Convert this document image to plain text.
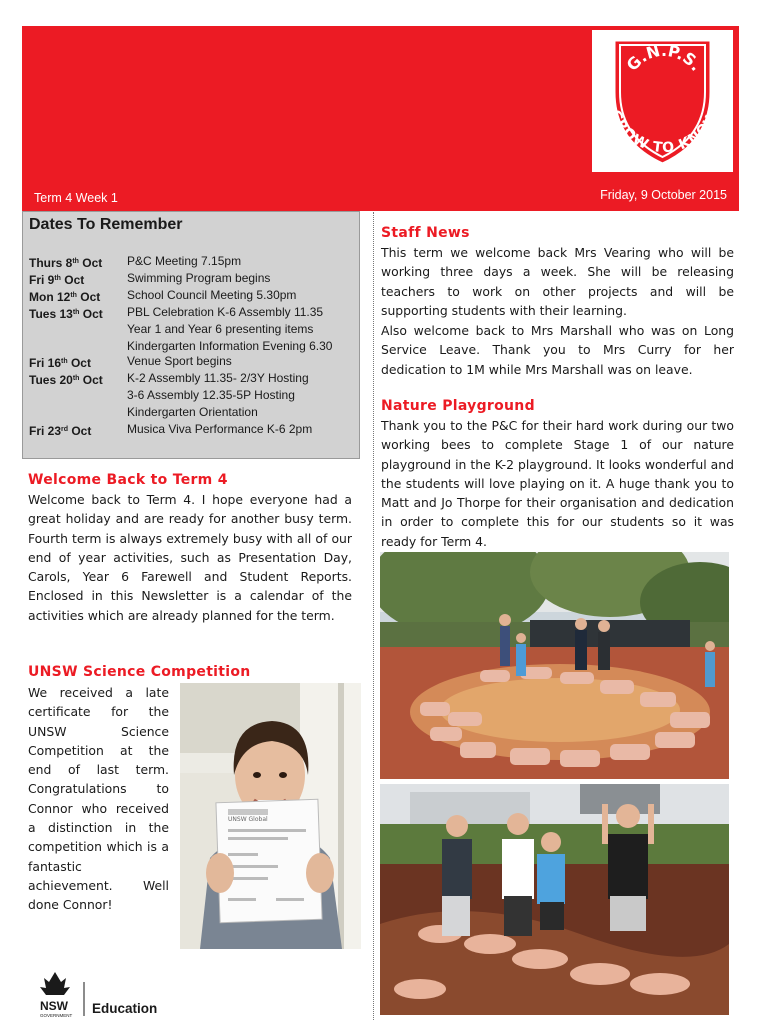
G.N.P.S.
GROW TO KNOW
Term 4 Week 1	Friday, 9 October 2015
Dates To Remember
Thurs 8th Oct	P&C Meeting 7.15pm
Fri 9th Oct	Swimming Program begins
Mon 12th Oct	School Council Meeting 5.30pm
Tues 13th Oct	PBL Celebration K-6 Assembly 11.35
Year 1 and Year 6 presenting items
Kindergarten Information Evening 6.30
Fri 16th Oct	Venue Sport begins
Tues 20th Oct	K-2 Assembly 11.35- 2/3Y Hosting
3-6 Assembly 12.35-5P Hosting
Kindergarten Orientation
Fri 23rd Oct	Musica Viva Performance K-6 2pm
Welcome Back to Term 4
Welcome back to Term 4. I hope everyone had a great holiday and are ready for another busy term. Fourth term is always extremely busy with all of our end of year activities, such as Presentation Day, Carols, Year 6 Farewell and Student Reports. Enclosed in this Newsletter is a calendar of the activities which are already planned for the term.
UNSW Science Competition
We received a late certificate for the UNSW Science Competition at the end of last term. Congratulations to Connor who received a distinction in the competition which is a fantastic achievement. Well done Connor!
UNSW Global
Staff News
This term we welcome back Mrs Vearing who will be working three days a week. She will be releasing teachers to work on other projects and will be supporting students with their learning.
Also welcome back to Mrs Marshall who was on Long Service Leave. Thank you to Mrs Curry for her dedication to 1M while Mrs Marshall was on leave.
Nature Playground
Thank you to the P&C for their hard work during our two working bees to complete Stage 1 of our nature playground in the K-2 playground. It looks wonderful and the students will love playing on it. A huge thank you to Matt and Jo Thorpe for their organisation and dedication in order to complete this for our students so it was ready for Term 4.
NSW
GOVERNMENT Education
